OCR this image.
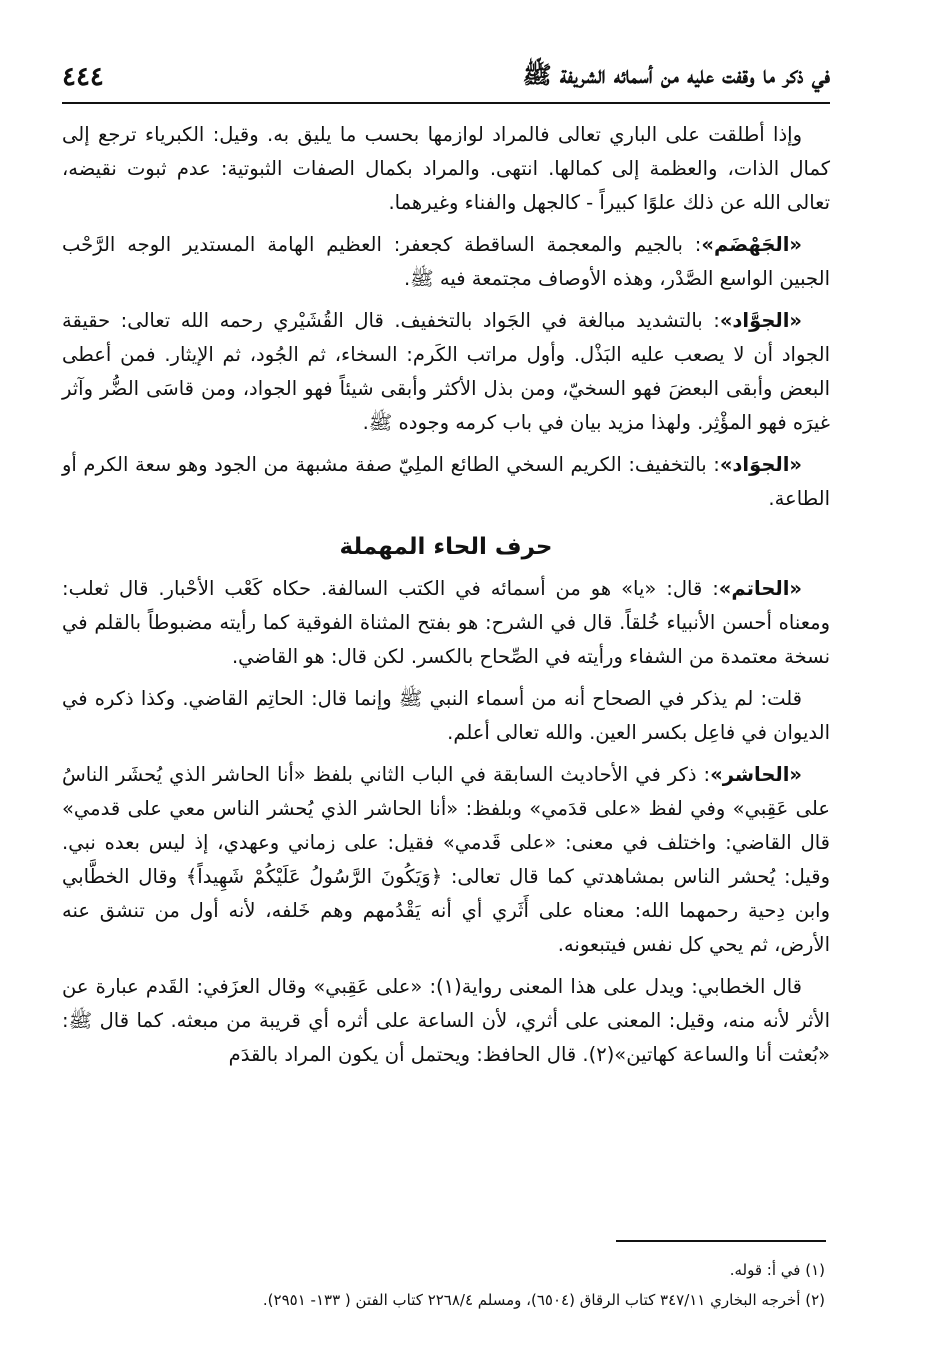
في ذكر ما وقفت عليه من أسمائه الشريفة ﷺ
٤٤٤

وإذا أطلقت على الباري تعالى فالمراد لوازمها بحسب ما يليق به. وقيل: الكبرياء ترجع إلى كمال الذات، والعظمة إلى كمالها. انتهى. والمراد بكمال الصفات الثبوتية: عدم ثبوت نقيضه، تعالى الله عن ذلك علوًا كبيراً - كالجهل والفناء وغيرهما.

«الجَهْضَم»: بالجيم والمعجمة الساقطة كجعفر: العظيم الهامة المستدير الوجه الرَّحْب الجبين الواسع الصَّدْر، وهذه الأوصاف مجتمعة فيه ﷺ.

«الجوَّاد»: بالتشديد مبالغة في الجَواد بالتخفيف. قال القُشَيْري رحمه الله تعالى: حقيقة الجواد أن لا يصعب عليه البَذْل. وأول مراتب الكَرم: السخاء، ثم الجُود، ثم الإيثار. فمن أعطى البعض وأبقى البعضَ فهو السخيّ، ومن بذل الأكثر وأبقى شيئاً فهو الجواد، ومن قاسَى الضُّر وآثر غيرَه فهو المؤْثِر. ولهذا مزيد بيان في باب كرمه وجوده ﷺ.

«الجوَاد»: بالتخفيف: الكريم السخي الطائع الملِيّ صفة مشبهة من الجود وهو سعة الكرم أو الطاعة.

حرف الحاء المهملة

«الحاتم»: قال: «يا» هو من أسمائه في الكتب السالفة. حكاه كَعْب الأحْبار. قال ثعلب: ومعناه أحسن الأنبياء خُلقاً. قال في الشرح: هو بفتح المثناة الفوقية كما رأيته مضبوطاً بالقلم في نسخة معتمدة من الشفاء ورأيته في الصِّحاح بالكسر. لكن قال: هو القاضي.

قلت: لم يذكر في الصحاح أنه من أسماء النبي ﷺ وإنما قال: الحاتِم القاضي. وكذا ذكره في الديوان في فاعِل بكسر العين. والله تعالى أعلم.

«الحاشر»: ذكر في الأحاديث السابقة في الباب الثاني بلفظ «أنا الحاشر الذي يُحشَر الناسُ على عَقِبي» وفي لفظ «على قدَمي» وبلفظ: «أنا الحاشر الذي يُحشر الناس معي على قدمي» قال القاضي: واختلف في معنى: «على قَدمي» فقيل: على زماني وعهدي، إذ ليس بعده نبي. وقيل: يُحشر الناس بمشاهدتي كما قال تعالى: ﴿وَيَكُونَ الرَّسُولُ عَلَيْكُمْ شَهِيداً﴾ وقال الخطَّابي وابن دِحية رحمهما الله: معناه على أَثَري أي أنه يَقْدُمهم وهم خَلفه، لأنه أول من تنشق عنه الأرض، ثم يحي كل نفس فيتبعونه.

قال الخطابي: ويدل على هذا المعنى رواية(١): «على عَقِبي» وقال العزَفي: القَدم عبارة عن الأثر لأنه منه، وقيل: المعنى على أثري، لأن الساعة على أثره أي قريبة من مبعثه. كما قال ﷺ: «بُعثت أنا والساعة كهاتين»(٢). قال الحافظ: ويحتمل أن يكون المراد بالقدَم

(١) في أ: قوله.

(٢) أخرجه البخاري ٣٤٧/١١ كتاب الرقاق (٦٥٠٤)، ومسلم ٢٢٦٨/٤ كتاب الفتن ( ١٣٣- ٢٩٥١).
